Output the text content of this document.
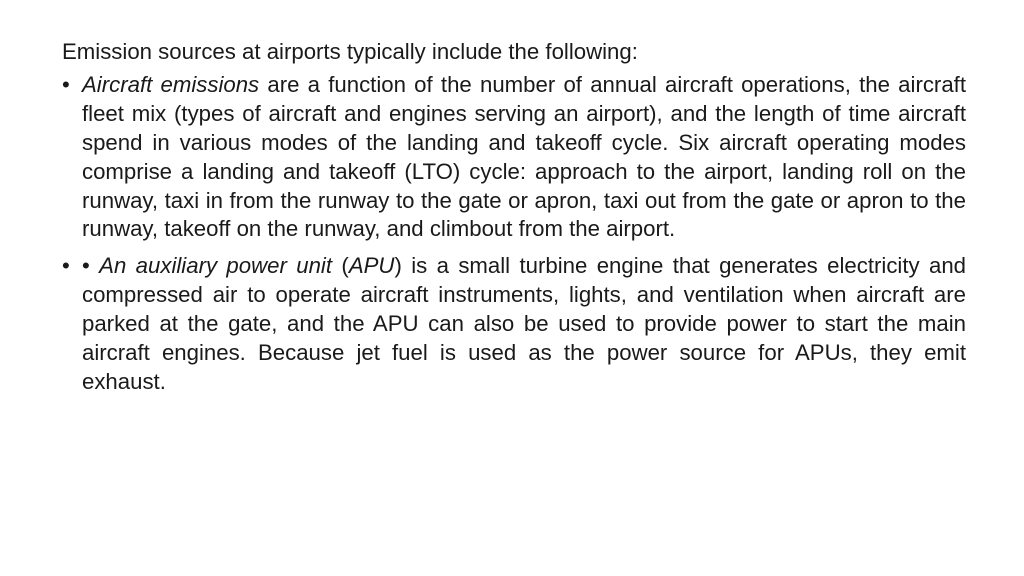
Emission sources at airports typically include the following:

• Aircraft emissions are a function of the number of annual aircraft operations, the aircraft fleet mix (types of aircraft and engines serving an airport), and the length of time aircraft spend in various modes of the landing and takeoff cycle. Six aircraft operating modes comprise a landing and takeoff (LTO) cycle: approach to the airport, landing roll on the runway, taxi in from the runway to the gate or apron, taxi out from the gate or apron to the runway, takeoff on the runway, and climbout from the airport.
• • An auxiliary power unit (APU) is a small turbine engine that generates electricity and compressed air to operate aircraft instruments, lights, and ventilation when aircraft are parked at the gate, and the APU can also be used to provide power to start the main aircraft engines. Because jet fuel is used as the power source for APUs, they emit exhaust.
